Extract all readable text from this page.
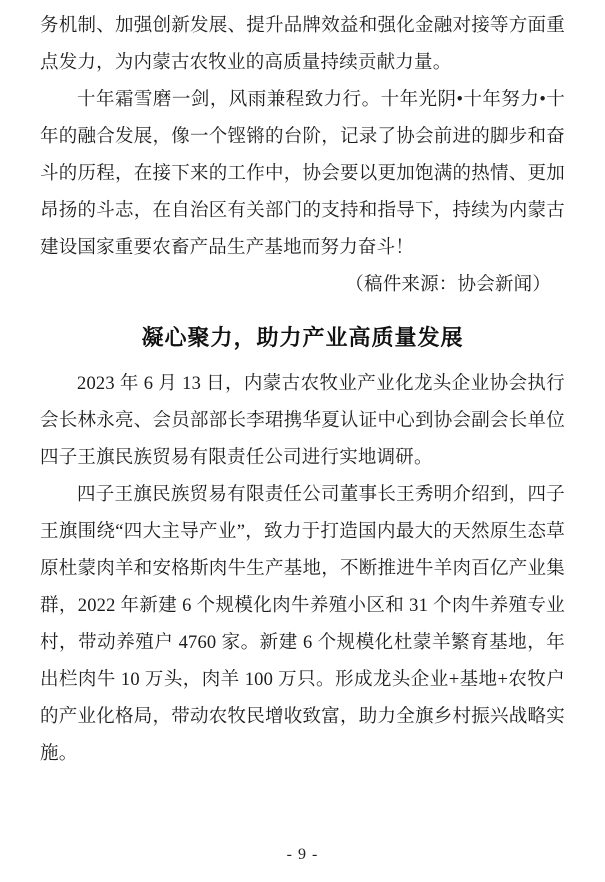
务机制、加强创新发展、提升品牌效益和强化金融对接等方面重点发力，为内蒙古农牧业的高质量持续贡献力量。

十年霜雪磨一剑，风雨兼程致力行。十年光阴•十年努力•十年的融合发展，像一个铿锵的台阶，记录了协会前进的脚步和奋斗的历程，在接下来的工作中，协会要以更加饱满的热情、更加昂扬的斗志，在自治区有关部门的支持和指导下，持续为内蒙古建设国家重要农畜产品生产基地而努力奋斗！

（稿件来源：协会新闻）

凝心聚力，助力产业高质量发展

2023 年 6 月 13 日，内蒙古农牧业产业化龙头企业协会执行会长林永亮、会员部部长李珺携华夏认证中心到协会副会长单位四子王旗民族贸易有限责任公司进行实地调研。

四子王旗民族贸易有限责任公司董事长王秀明介绍到，四子王旗围绕“四大主导产业”，致力于打造国内最大的天然原生态草原杜蒙肉羊和安格斯肉牛生产基地，不断推进牛羊肉百亿产业集群，2022 年新建 6 个规模化肉牛养殖小区和 31 个肉牛养殖专业村，带动养殖户 4760 家。新建 6 个规模化杜蒙羊繁育基地，年出栏肉牛 10 万头，肉羊 100 万只。形成龙头企业+基地+农牧户的产业化格局，带动农牧民增收致富，助力全旗乡村振兴战略实施。

- 9 -
